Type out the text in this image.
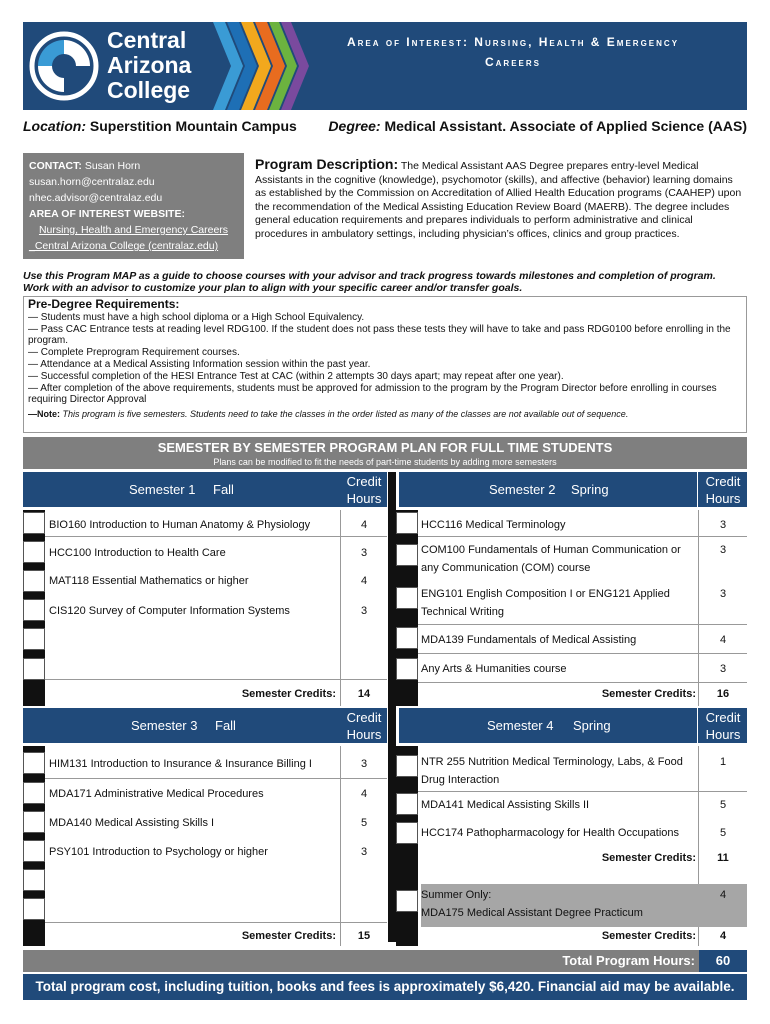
Central
Arizona
College
Area of Interest: Nursing, Health & Emergency
Careers
Location: Superstition Mountain Campus Degree: Medical Assistant. Associate of Applied Science (AAS)
CONTACT: Susan Horn
susan.horn@centralaz.edu
nhec.advisor@centralaz.edu
AREA OF INTEREST WEBSITE:
Nursing, Health and Emergency Careers
_Central Arizona College (centralaz.edu)
Program Description: The Medical Assistant AAS Degree prepares entry-level Medical Assistants in the cognitive (knowledge), psychomotor (skills), and affective (behavior) learning domains as established by the Commission on Accreditation of Allied Health Education programs (CAAHEP) upon the recommendation of the Medical Assisting Education Review Board (MAERB). The degree includes general education requirements and prepares individuals to perform administrative and clinical procedures in ambulatory settings, including physician’s offices, clinics and group practices.
Use this Program MAP as a guide to choose courses with your advisor and track progress towards milestones and completion of program.
Work with an advisor to customize your plan to align with your specific career and/or transfer goals.
Pre-Degree Requirements:
— Students must have a high school diploma or a High School Equivalency.
— Pass CAC Entrance tests at reading level RDG100. If the student does not pass these tests they will have to take and pass RDG0100 before enrolling in the program.
— Complete Preprogram Requirement courses.
— Attendance at a Medical Assisting Information session within the past year.
— Successful completion of the HESI Entrance Test at CAC (within 2 attempts 30 days apart; may repeat after one year).
— After completion of the above requirements, students must be approved for admission to the program by the Program Director before enrolling in courses requiring Director Approval
—Note: This program is five semesters. Students need to take the classes in the order listed as many of the classes are not available out of sequence.
SEMESTER BY SEMESTER PROGRAM PLAN FOR FULL TIME STUDENTS
Plans can be modified to fit the needs of part-time students by adding more semesters
Semester 1 Fall
Credit
Hours
Semester 2 Spring
Credit
Hours
BIO160 Introduction to Human Anatomy & Physiology	4
HCC100 Introduction to Health Care	3
MAT118 Essential Mathematics or higher	4
CIS120 Survey of Computer Information Systems	3
Semester Credits:	14
HCC116 Medical Terminology	3
COM100 Fundamentals of Human Communication or any Communication (COM) course
3
ENG101 English Composition I or ENG121 Applied Technical Writing
3
MDA139 Fundamentals of Medical Assisting	4
Any Arts & Humanities course	3
Semester Credits:	16
Semester 3 Fall
Credit
Hours
Semester 4 Spring
Credit
Hours
HIM131 Introduction to Insurance & Insurance Billing I	3
MDA171 Administrative Medical Procedures	4
MDA140 Medical Assisting Skills I	5
PSY101 Introduction to Psychology or higher	3
Semester Credits:	15
NTR 255 Nutrition Medical Terminology, Labs, & Food Drug Interaction
1
MDA141 Medical Assisting Skills II	5
HCC174 Pathopharmacology for Health Occupations	5
Semester Credits:	11
Summer Only:
MDA175 Medical Assistant Degree Practicum
4
Semester Credits:	4
Total Program Hours:	60
Total program cost, including tuition, books and fees is approximately $6,420. Financial aid may be available.
